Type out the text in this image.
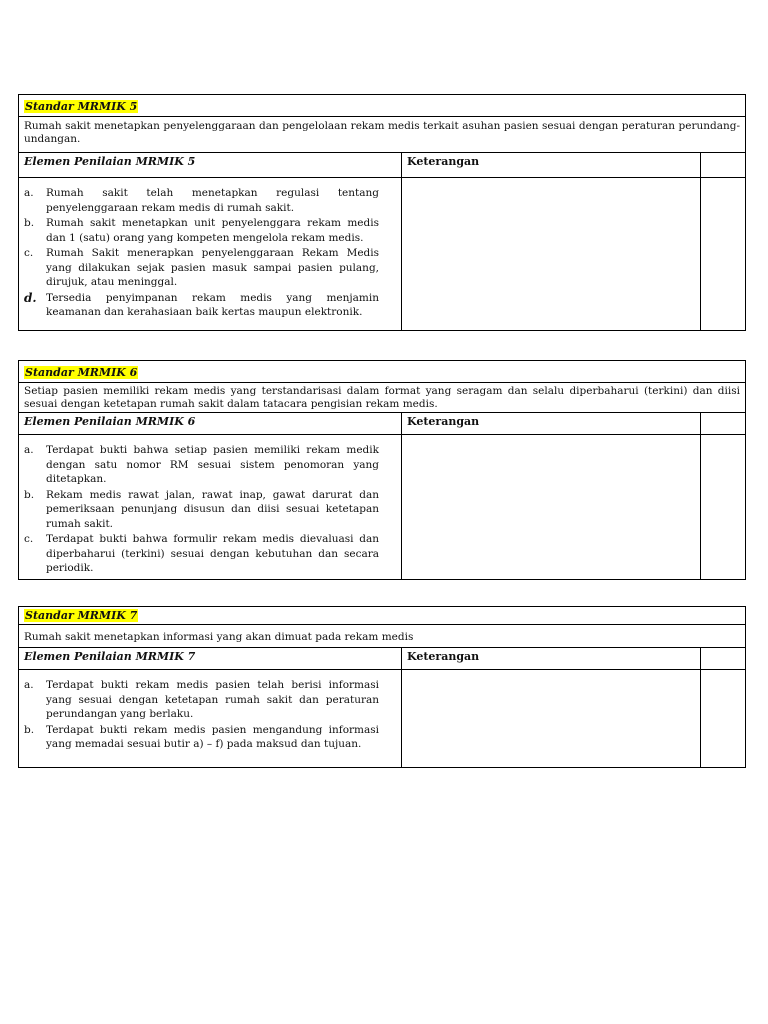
Standar MRMIK 5
Rumah sakit menetapkan penyelenggaraan dan pengelolaan rekam medis terkait asuhan pasien sesuai dengan peraturan perundang-undangan.
Elemen Penilaian MRMIK 5	Keterangan
a.	Rumah sakit telah menetapkan regulasi tentang penyelenggaraan rekam medis di rumah sakit.
b.	Rumah sakit menetapkan unit penyelenggara rekam medis dan 1 (satu) orang yang kompeten mengelola rekam medis.
c.	Rumah Sakit menerapkan penyelenggaraan Rekam Medis yang dilakukan sejak pasien masuk sampai pasien pulang, dirujuk, atau meninggal.
d. Tersedia penyimpanan rekam medis yang menjamin keamanan dan kerahasiaan baik kertas maupun elektronik.
Standar MRMIK 6
Setiap pasien memiliki rekam medis yang terstandarisasi dalam format yang seragam dan selalu diperbaharui (terkini) dan diisi sesuai dengan ketetapan rumah sakit dalam tatacara pengisian rekam medis.
Elemen Penilaian MRMIK 6	Keterangan
a.	Terdapat bukti bahwa setiap pasien memiliki rekam medik dengan satu nomor RM sesuai sistem penomoran yang ditetapkan.
b.	Rekam medis rawat jalan, rawat inap, gawat darurat dan pemeriksaan penunjang disusun dan diisi sesuai ketetapan rumah sakit.
c.	Terdapat bukti bahwa formulir rekam medis dievaluasi dan diperbaharui (terkini) sesuai dengan kebutuhan dan secara periodik.
Standar MRMIK 7
Rumah sakit menetapkan informasi yang akan dimuat pada rekam medis
Elemen Penilaian MRMIK 7	Keterangan
a.	Terdapat bukti rekam medis pasien telah berisi informasi yang sesuai dengan ketetapan rumah sakit dan peraturan perundangan yang berlaku.
b.	Terdapat bukti rekam medis pasien mengandung informasi yang memadai sesuai butir a) – f) pada maksud dan tujuan.
